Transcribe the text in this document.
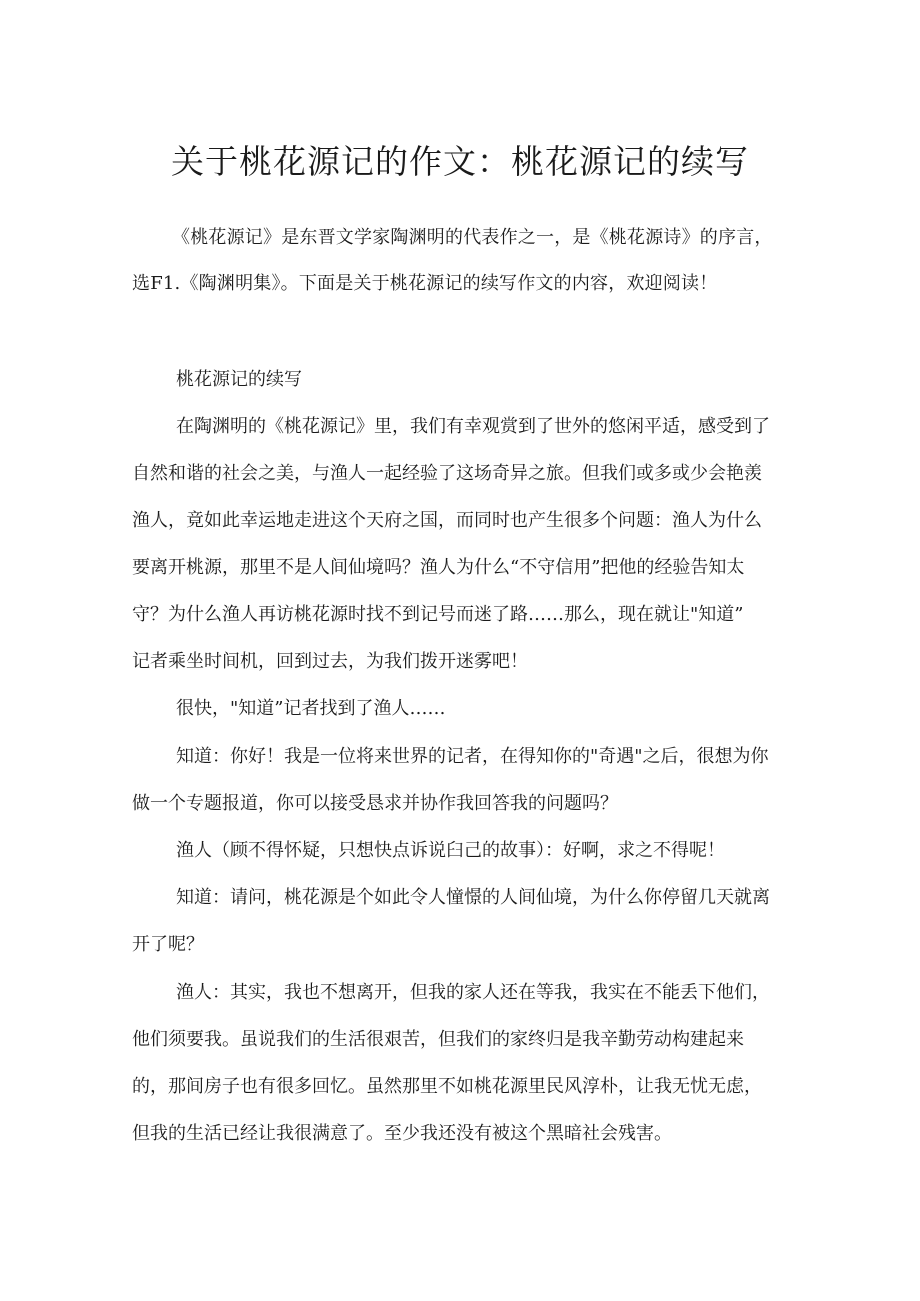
关于桃花源记的作文：桃花源记的续写
《桃花源记》是东晋文学家陶渊明的代表作之一，是《桃花源诗》的序言，
选F1.《陶渊明集》。下面是关于桃花源记的续写作文的内容，欢迎阅读！
桃花源记的续写
在陶渊明的《桃花源记》里，我们有幸观赏到了世外的悠闲平适，感受到了
自然和谐的社会之美，与渔人一起经验了这场奇异之旅。但我们或多或少会艳羡
渔人，竟如此幸运地走进这个天府之国，而同时也产生很多个问题：渔人为什么
要离开桃源，那里不是人间仙境吗？渔人为什么“不守信用”把他的经验告知太
守？为什么渔人再访桃花源时找不到记号而迷了路……那么，现在就让"知道”
记者乘坐时间机，回到过去，为我们拨开迷雾吧！
很快，"知道”记者找到了渔人……
知道：你好！我是一位将来世界的记者，在得知你的"奇遇"之后，很想为你
做一个专题报道，你可以接受恳求并协作我回答我的问题吗？
渔人（顾不得怀疑，只想快点诉说臼己的故事）：好啊，求之不得呢！
知道：请问，桃花源是个如此令人憧憬的人间仙境，为什么你停留几天就离
开了呢？
渔人：其实，我也不想离开，但我的家人还在等我，我实在不能丢下他们，
他们须要我。虽说我们的生活很艰苦，但我们的家终归是我辛勤劳动构建起来
的，那间房子也有很多回忆。虽然那里不如桃花源里民风淳朴，让我无忧无虑，
但我的生活已经让我很满意了。至少我还没有被这个黑暗社会残害。
